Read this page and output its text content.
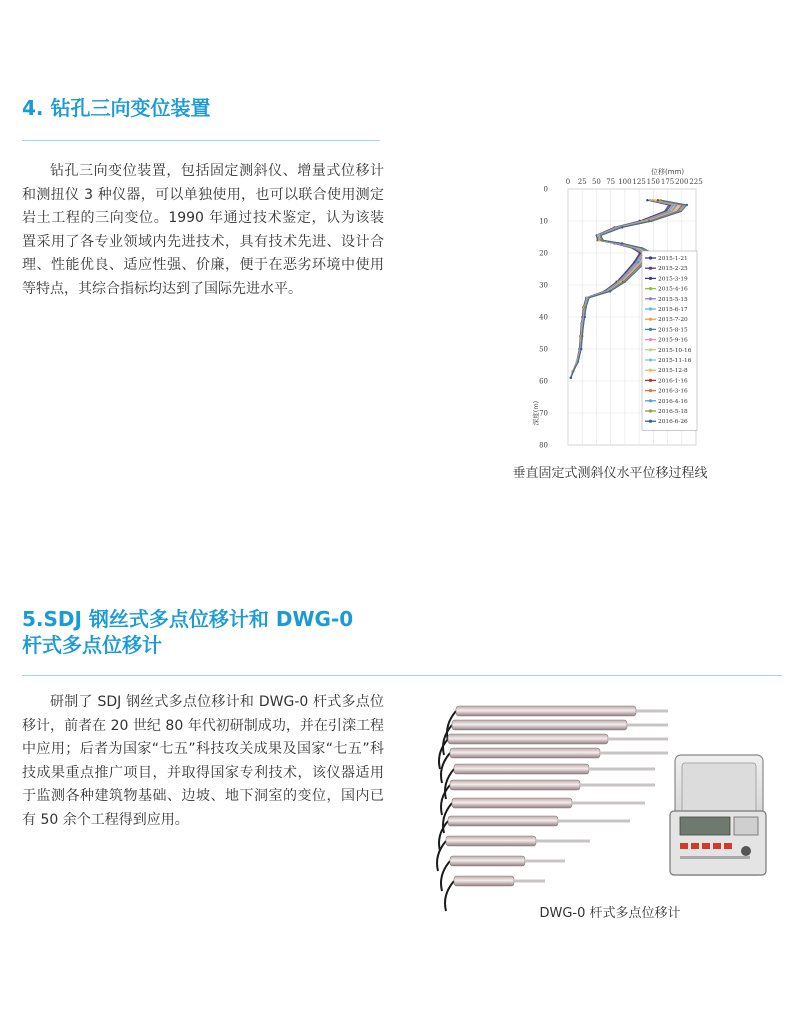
4. 钻孔三向变位装置
钻孔三向变位装置，包括固定测斜仪、增量式位移计和测扭仪 3 种仪器，可以单独使用，也可以联合使用测定岩土工程的三向变位。1990 年通过技术鉴定，认为该装置采用了各专业领域内先进技术，具有技术先进、设计合理、性能优良、适应性强、价廉，便于在恶劣环境中使用等特点，其综合指标均达到了国际先进水平。
0 25 50 75 100 125 150 175 200 225
0
10
20
30
40
50
60
70
80
位移(mm)
深度(m)
2015-1-21
2015-2-25
2015-3-19
2015-4-16
2015-5-15
2015-6-17
2015-7-20
2015-8-15
2015-9-16
2015-10-16
2015-11-16
2015-12-8
2016-1-16
2016-3-16
2016-4-16
2016-5-18
2016-6-26
垂直固定式测斜仪水平位移过程线
5.SDJ 钢丝式多点位移计和 DWG-0
杆式多点位移计
研制了 SDJ 钢丝式多点位移计和 DWG-0 杆式多点位移计，前者在 20 世纪 80 年代初研制成功，并在引滦工程中应用；后者为国家“七五”科技攻关成果及国家“七五”科技成果重点推广项目，并取得国家专利技术，该仪器适用于监测各种建筑物基础、边坡、地下洞室的变位，国内已有 50 余个工程得到应用。
DWG-0 杆式多点位移计
